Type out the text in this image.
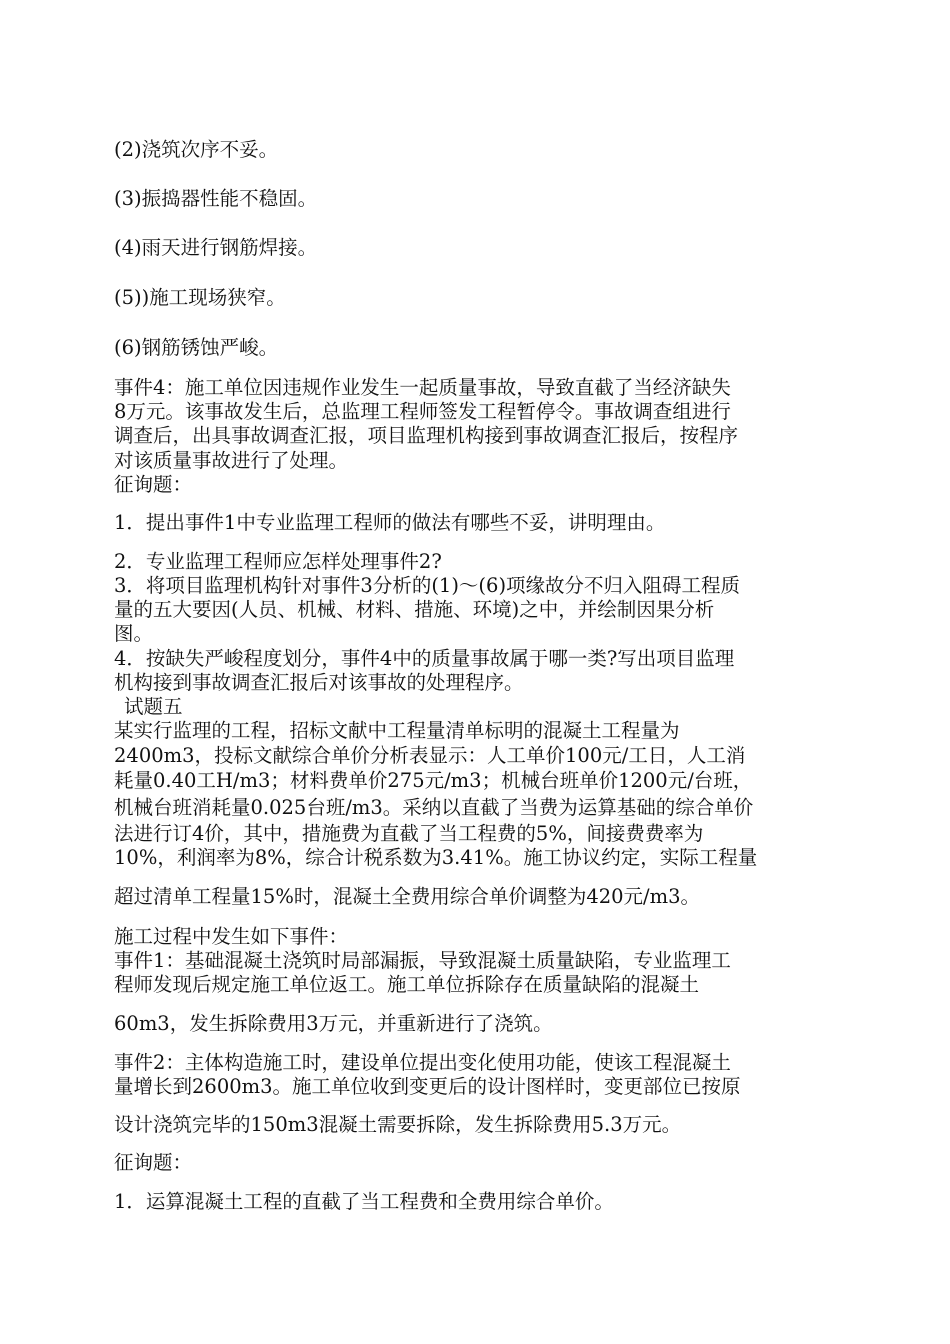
(2)浇筑次序不妥。

(3)振捣器性能不稳固。

(4)雨天进行钢筋焊接。

(5))施工现场狭窄。

(6)钢筋锈蚀严峻。

事件4：施工单位因违规作业发生一起质量事故，导致直截了当经济缺失

8万元。该事故发生后，总监理工程师签发工程暂停令。事故调查组进行

调查后，出具事故调查汇报，项目监理机构接到事故调查汇报后，按程序

对该质量事故进行了处理。

征询题：

1．提出事件1中专业监理工程师的做法有哪些不妥，讲明理由。

2．专业监理工程师应怎样处理事件2?

3．将项目监理机构针对事件3分析的(1)～(6)项缘故分不归入阻碍工程质

量的五大要因(人员、机械、材料、措施、环境)之中，并绘制因果分析

图。

4．按缺失严峻程度划分，事件4中的质量事故属于哪一类?写出项目监理

机构接到事故调查汇报后对该事故的处理程序。

试题五

某实行监理的工程，招标文献中工程量清单标明的混凝土工程量为

2400m3，投标文献综合单价分析表显示：人工单价100元/工日，人工消

耗量0.40工H/m3；材料费单价275元/m3；机械台班单价1200元/台班，

机械台班消耗量0.025台班/m3。采纳以直截了当费为运算基础的综合单价

法进行订4价，其中，措施费为直截了当工程费的5%，间接费费率为

10%，利润率为8%，综合计税系数为3.41%。施工协议约定，实际工程量

超过清单工程量15%时，混凝土全费用综合单价调整为420元/m3。

施工过程中发生如下事件：

事件1：基础混凝土浇筑时局部漏振，导致混凝土质量缺陷，专业监理工

程师发现后规定施工单位返工。施工单位拆除存在质量缺陷的混凝土

60m3，发生拆除费用3万元，并重新进行了浇筑。

事件2：主体构造施工时，建设单位提出变化使用功能，使该工程混凝土

量增长到2600m3。施工单位收到变更后的设计图样时，变更部位已按原

设计浇筑完毕的150m3混凝土需要拆除，发生拆除费用5.3万元。

征询题：

1．运算混凝土工程的直截了当工程费和全费用综合单价。
